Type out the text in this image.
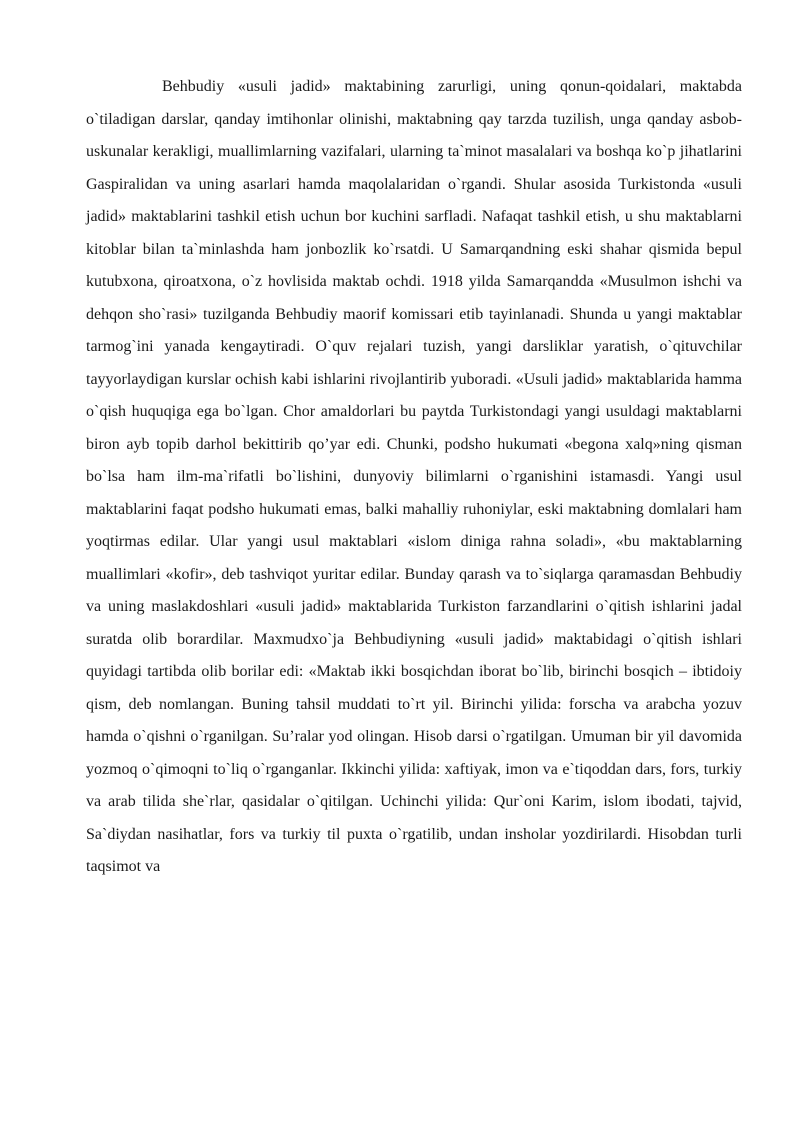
Behbudiy «usuli jadid» maktabining zarurligi, uning qonun-qoidalari, maktabda o`tiladigan darslar, qanday imtihonlar olinishi, maktabning qay tarzda tuzilish, unga qanday asbob-uskunalar kerakligi, muallimlarning vazifalari, ularning ta`minot masalalari va boshqa ko`p jihatlarini Gaspiralidan va uning asarlari hamda maqolalaridan o`rgandi. Shular asosida Turkistonda «usuli jadid» maktablarini tashkil etish uchun bor kuchini sarfladi. Nafaqat tashkil etish, u shu maktablarni kitoblar bilan ta`minlashda ham jonbozlik ko`rsatdi. U Samarqandning eski shahar qismida bepul kutubxona, qiroatxona, o`z hovlisida maktab ochdi. 1918 yilda Samarqandda «Musulmon ishchi va dehqon sho`rasi» tuzilganda Behbudiy maorif komissari etib tayinlanadi. Shunda u yangi maktablar tarmog`ini yanada kengaytiradi. O`quv rejalari tuzish, yangi darsliklar yaratish, o`qituvchilar tayyorlaydigan kurslar ochish kabi ishlarini rivojlantirib yuboradi. «Usuli jadid» maktablarida hamma o`qish huquqiga ega bo`lgan. Chor amaldorlari bu paytda Turkistondagi yangi usuldagi maktablarni biron ayb topib darhol bekittirib qo’yar edi. Chunki, podsho hukumati «begona xalq»ning qisman bo`lsa ham ilm-ma`rifatli bo`lishini, dunyoviy bilimlarni o`rganishini istamasdi. Yangi usul maktablarini faqat podsho hukumati emas, balki mahalliy ruhoniylar, eski maktabning domlalari ham yoqtirmas edilar. Ular yangi usul maktablari «islom diniga rahna soladi», «bu maktablarning muallimlari «kofir», deb tashviqot yuritar edilar. Bunday qarash va to`siqlarga qaramasdan Behbudiy va uning maslakdoshlari «usuli jadid» maktablarida Turkiston farzandlarini o`qitish ishlarini jadal suratda olib borardilar. Maxmudxo`ja Behbudiyning «usuli jadid» maktabidagi o`qitish ishlari quyidagi tartibda olib borilar edi: «Maktab ikki bosqichdan iborat bo`lib, birinchi bosqich – ibtidoiy qism, deb nomlangan. Buning tahsil muddati to`rt yil. Birinchi yilida: forscha va arabcha yozuv hamda o`qishni o`rganilgan. Su’ralar yod olingan. Hisob darsi o`rgatilgan. Umuman bir yil davomida yozmoq o`qimoqni to`liq o`rganganlar. Ikkinchi yilida: xaftiyak, imon va e`tiqoddan dars, fors, turkiy va arab tilida she`rlar, qasidalar o`qitilgan. Uchinchi yilida: Qur`oni Karim, islom ibodati, tajvid, Sa`diydan nasihatlar, fors va turkiy til puxta o`rgatilib, undan insholar yozdirilardi. Hisobdan turli taqsimot va
